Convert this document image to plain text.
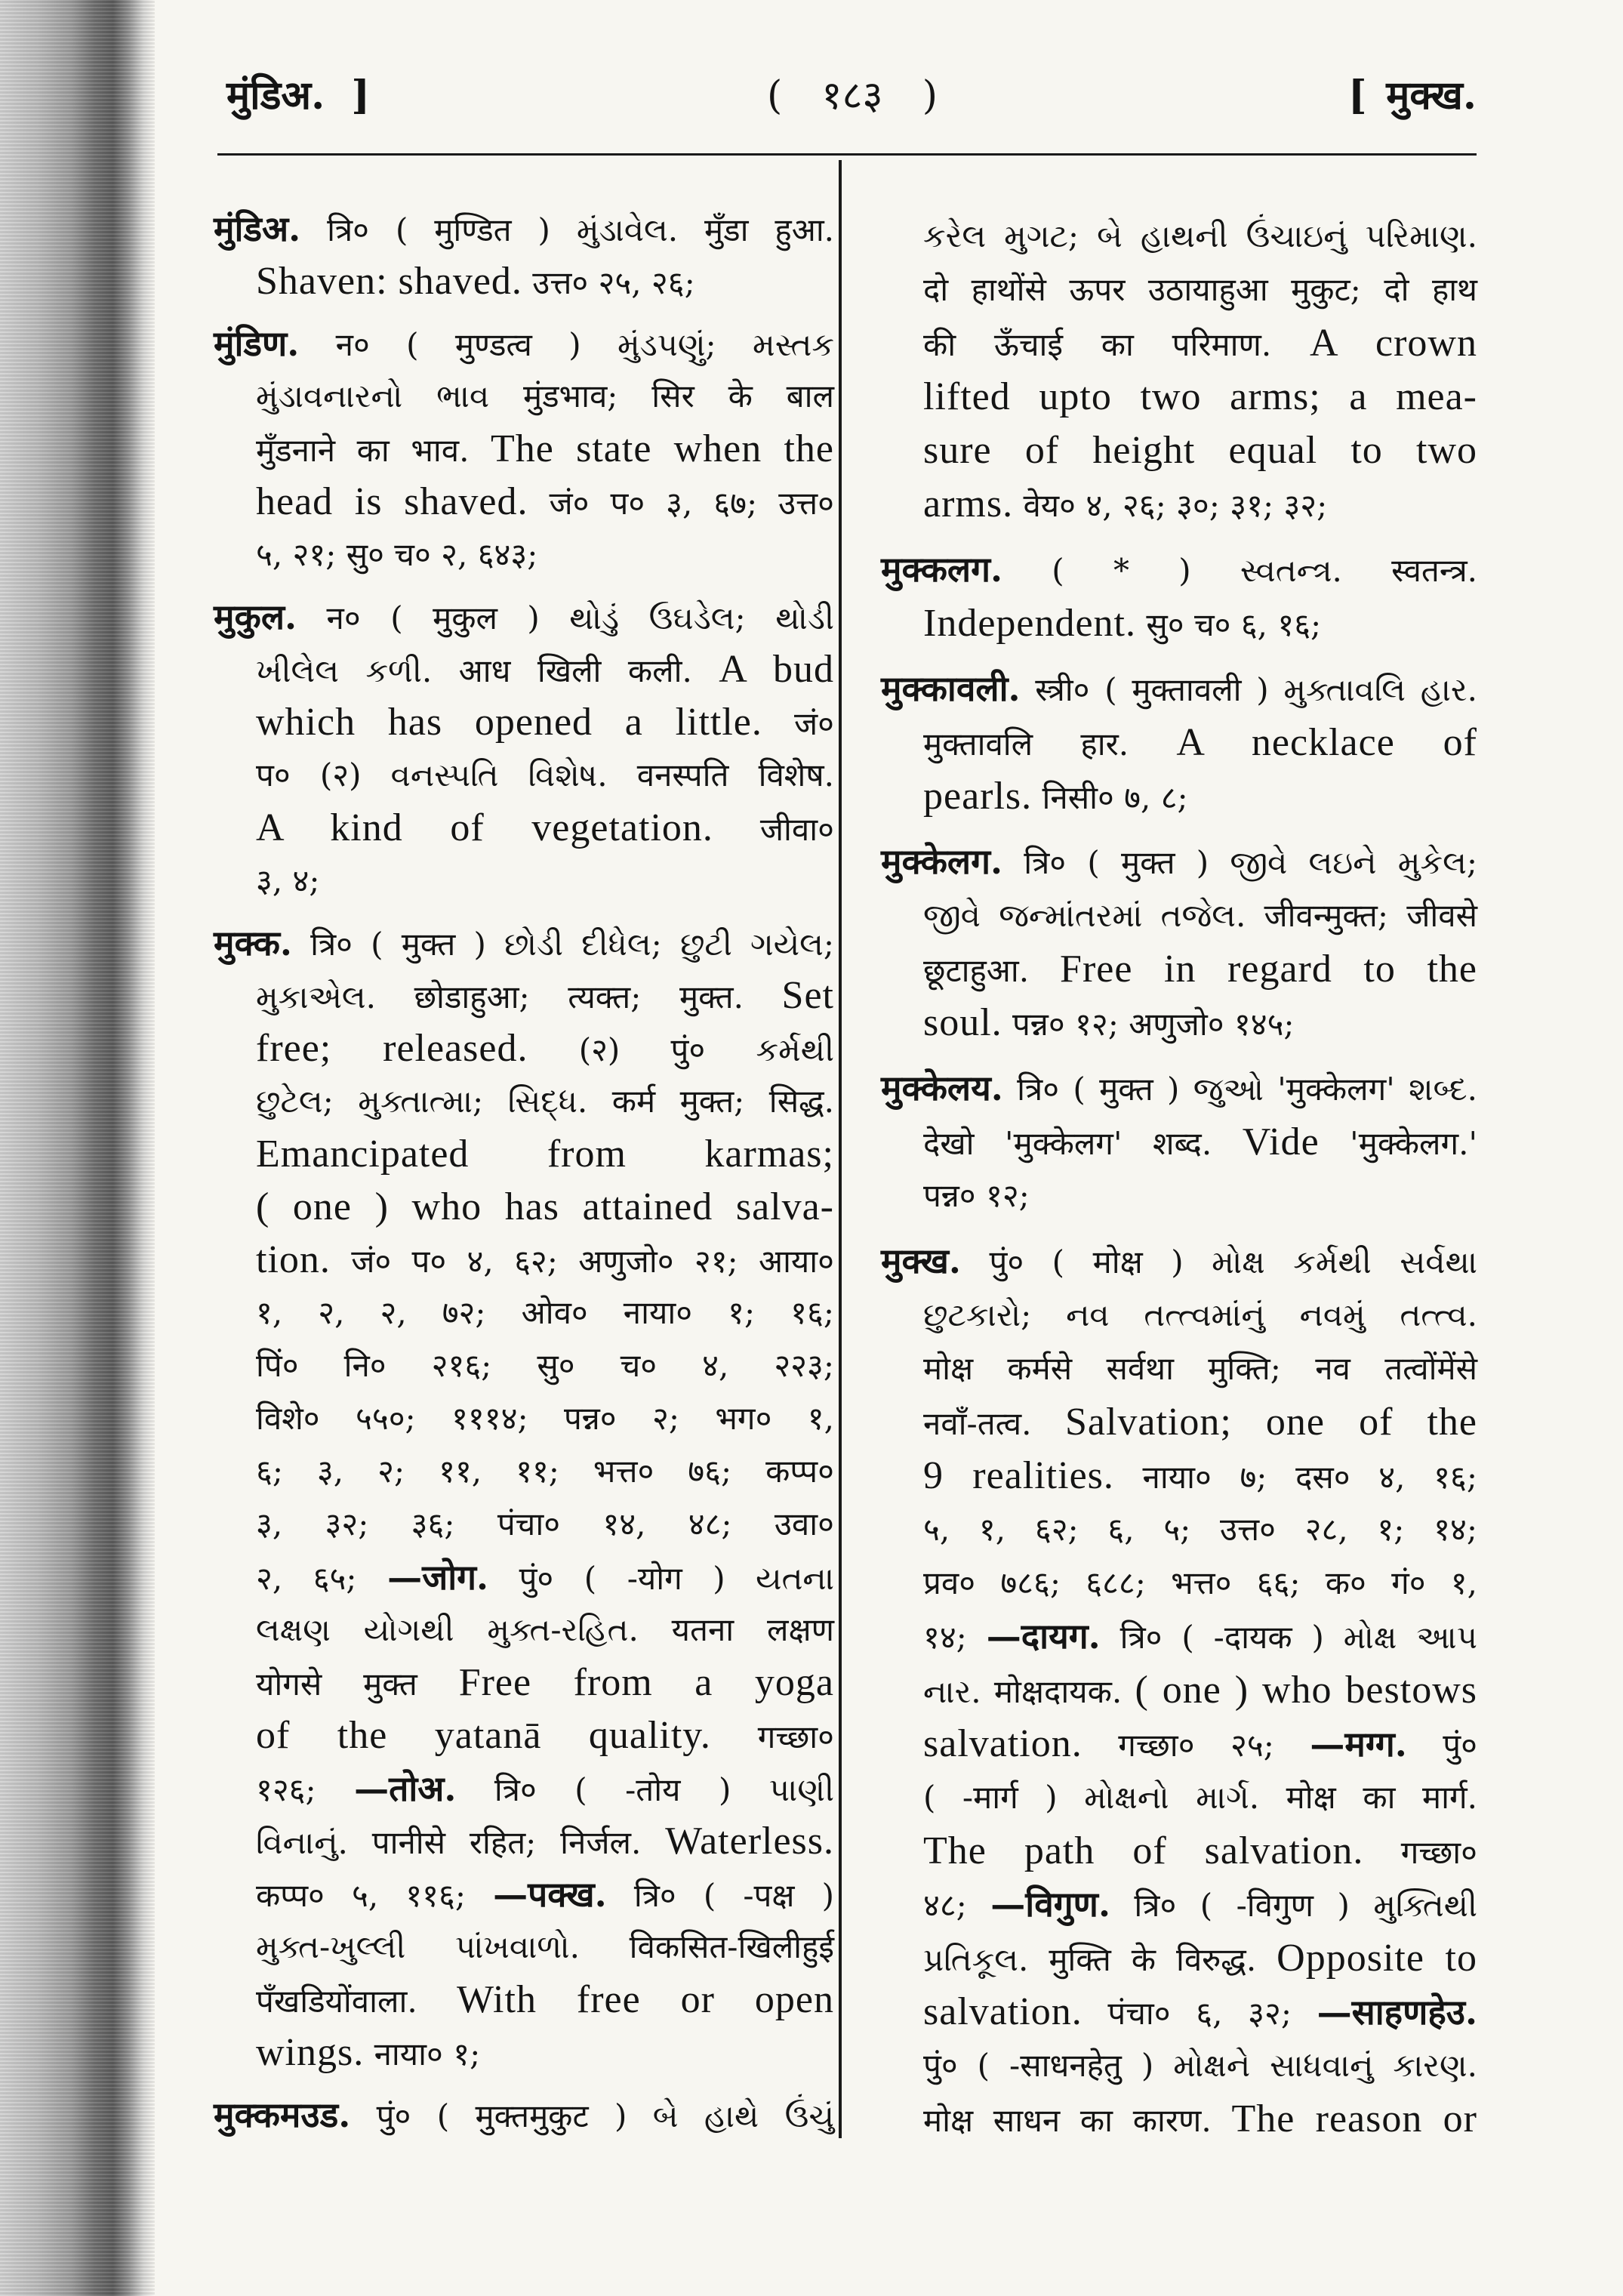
मुंडिअ. ]	( १८३ )	[ मुक्ख.
मुंडिअ. त्रि० ( मुण्डित ) મુંડાવેલ. मुँडा हुआ.
Shaven: shaved. उत्त० २५, २६;
मुंडिण. न० ( मुण्डत्व ) મુંડપણું; મસ્તક
મુંડાવનારનો ભાવ मुंडभाव; सिर के बाल
मुँडनाने का भाव. The state when the
head is shaved. जं० प० ३, ६७; उत्त०
५, २१; सु० च० २, ६४३;
मुकुल. न० ( मुकुल ) થોડું ઉઘડેલ; થોડી
ખીલેલ કળી. आध खिली कली. A bud
which has opened a little. जं०
प० (२) વનસ્પતિ વિશેષ. वनस्पति विशेष.
A kind of vegetation. जीवा०
३, ४;
मुक्क. त्रि० ( मुक्त ) છોડી દીધેલ; છુટી ગયેલ;
મુકાએલ. छोडाहुआ; त्यक्त; मुक्त. Set
free; released. (२) पुं० કર્મથી
છુટેલ; મુક્તાત્મા; સિદ્ધ. कर्म मुक्त; सिद्ध.
Emancipated from karmas;
( one ) who has attained salva-
tion. जं० प० ४, ६२; अणुजो० २१; आया०
१, २, २, ७२; ओव० नाया० १; १६;
पिं० नि० २१६; सु० च० ४, २२३;
विशे० ५५०; १११४; पन्न० २; भग० १,
६; ३, २; ११, ११; भत्त० ७६; कप्प०
३, ३२; ३६; पंचा० १४, ४८; उवा०
२, ६५; —जोग. पुं० ( -योग ) યતના
લક્ષણ યોગથી મુક્ત-રહિત. यतना लक्षण
योगसे मुक्त Free from a yoga
of the yatanā quality. गच्छा०
१२६; —तोअ. त्रि० ( -तोय ) પાણી
વિનાનું. पानीसे रहित; निर्जल. Waterless.
कप्प० ५, ११६; —पक्ख. त्रि० ( -पक्ष )
મુક્ત-ખુલ્લી પાંખવાળો. विकसित-खिलीहुई
पँखडियोंवाला. With free or open
wings. नाया० १;
मुक्कमउड. पुं० ( मुक्तमुकुट ) બે હાથે ઉંચું
કરેલ મુગટ; બે હાથની ઉંચાઇનું પરિમાણ.
दो हाथोंसे ऊपर उठायाहुआ मुकुट; दो हाथ
की ऊँचाई का परिमाण. A crown
lifted upto two arms; a mea-
sure of height equal to two
arms. वेय० ४, २६; ३०; ३१; ३२;
मुक्कलग. ( * ) સ્વતન્ત્ર. स्वतन्त्र.
Independent. सु० च० ६, १६;
मुक्कावली. स्त्री० ( मुक्तावली ) મુક્તાવલિ હાર.
मुक्तावलि हार. A necklace of
pearls. निसी० ७, ८;
मुक्केलग. त्रि० ( मुक्त ) જીવે લઇને મુકેલ;
જીવે જન્માંતરમાં તજેલ. जीवन्मुक्त; जीवसे
छूटाहुआ. Free in regard to the
soul. पन्न० १२; अणुजो० १४५;
मुक्केलय. त्रि० ( मुक्त ) જુઓ 'मुक्केलग' શબ્દ.
देखो 'मुक्केलग' शब्द. Vide 'मुक्केलग.'
पन्न० १२;
मुक्ख. पुं० ( मोक्ष ) મોક્ષ કર્મથી સર્વથા
છુટકારો; નવ તત્ત્વમાંનું નવમું તત્ત્વ.
मोक्ष कर्मसे सर्वथा मुक्ति; नव तत्वोंमेंसे
नवाँ-तत्व. Salvation; one of the
9 realities. नाया० ७; दस० ४, १६;
५, १, ६२; ६, ५; उत्त० २८, १; १४;
प्रव० ७८६; ६८८; भत्त० ६६; क० गं० १,
१४; —दायग. त्रि० ( -दायक ) મોક્ષ આપ
નાર. मोक्षदायक. ( one ) who bestows
salvation. गच्छा० २५; —मग्ग. पुं०
( -मार्ग ) મોક્ષનો માર્ગ. मोक्ष का मार्ग.
The path of salvation. गच्छा०
४८; —विगुण. त्रि० ( -विगुण ) મુક્તિથી
પ્રતિકૂલ. मुक्ति के विरुद्ध. Opposite to
salvation. पंचा० ६, ३२; —साहणहेउ.
पुं० ( -साधनहेतु ) મોક્ષને સાધવાનું કારણ.
मोक्ष साधन का कारण. The reason or
